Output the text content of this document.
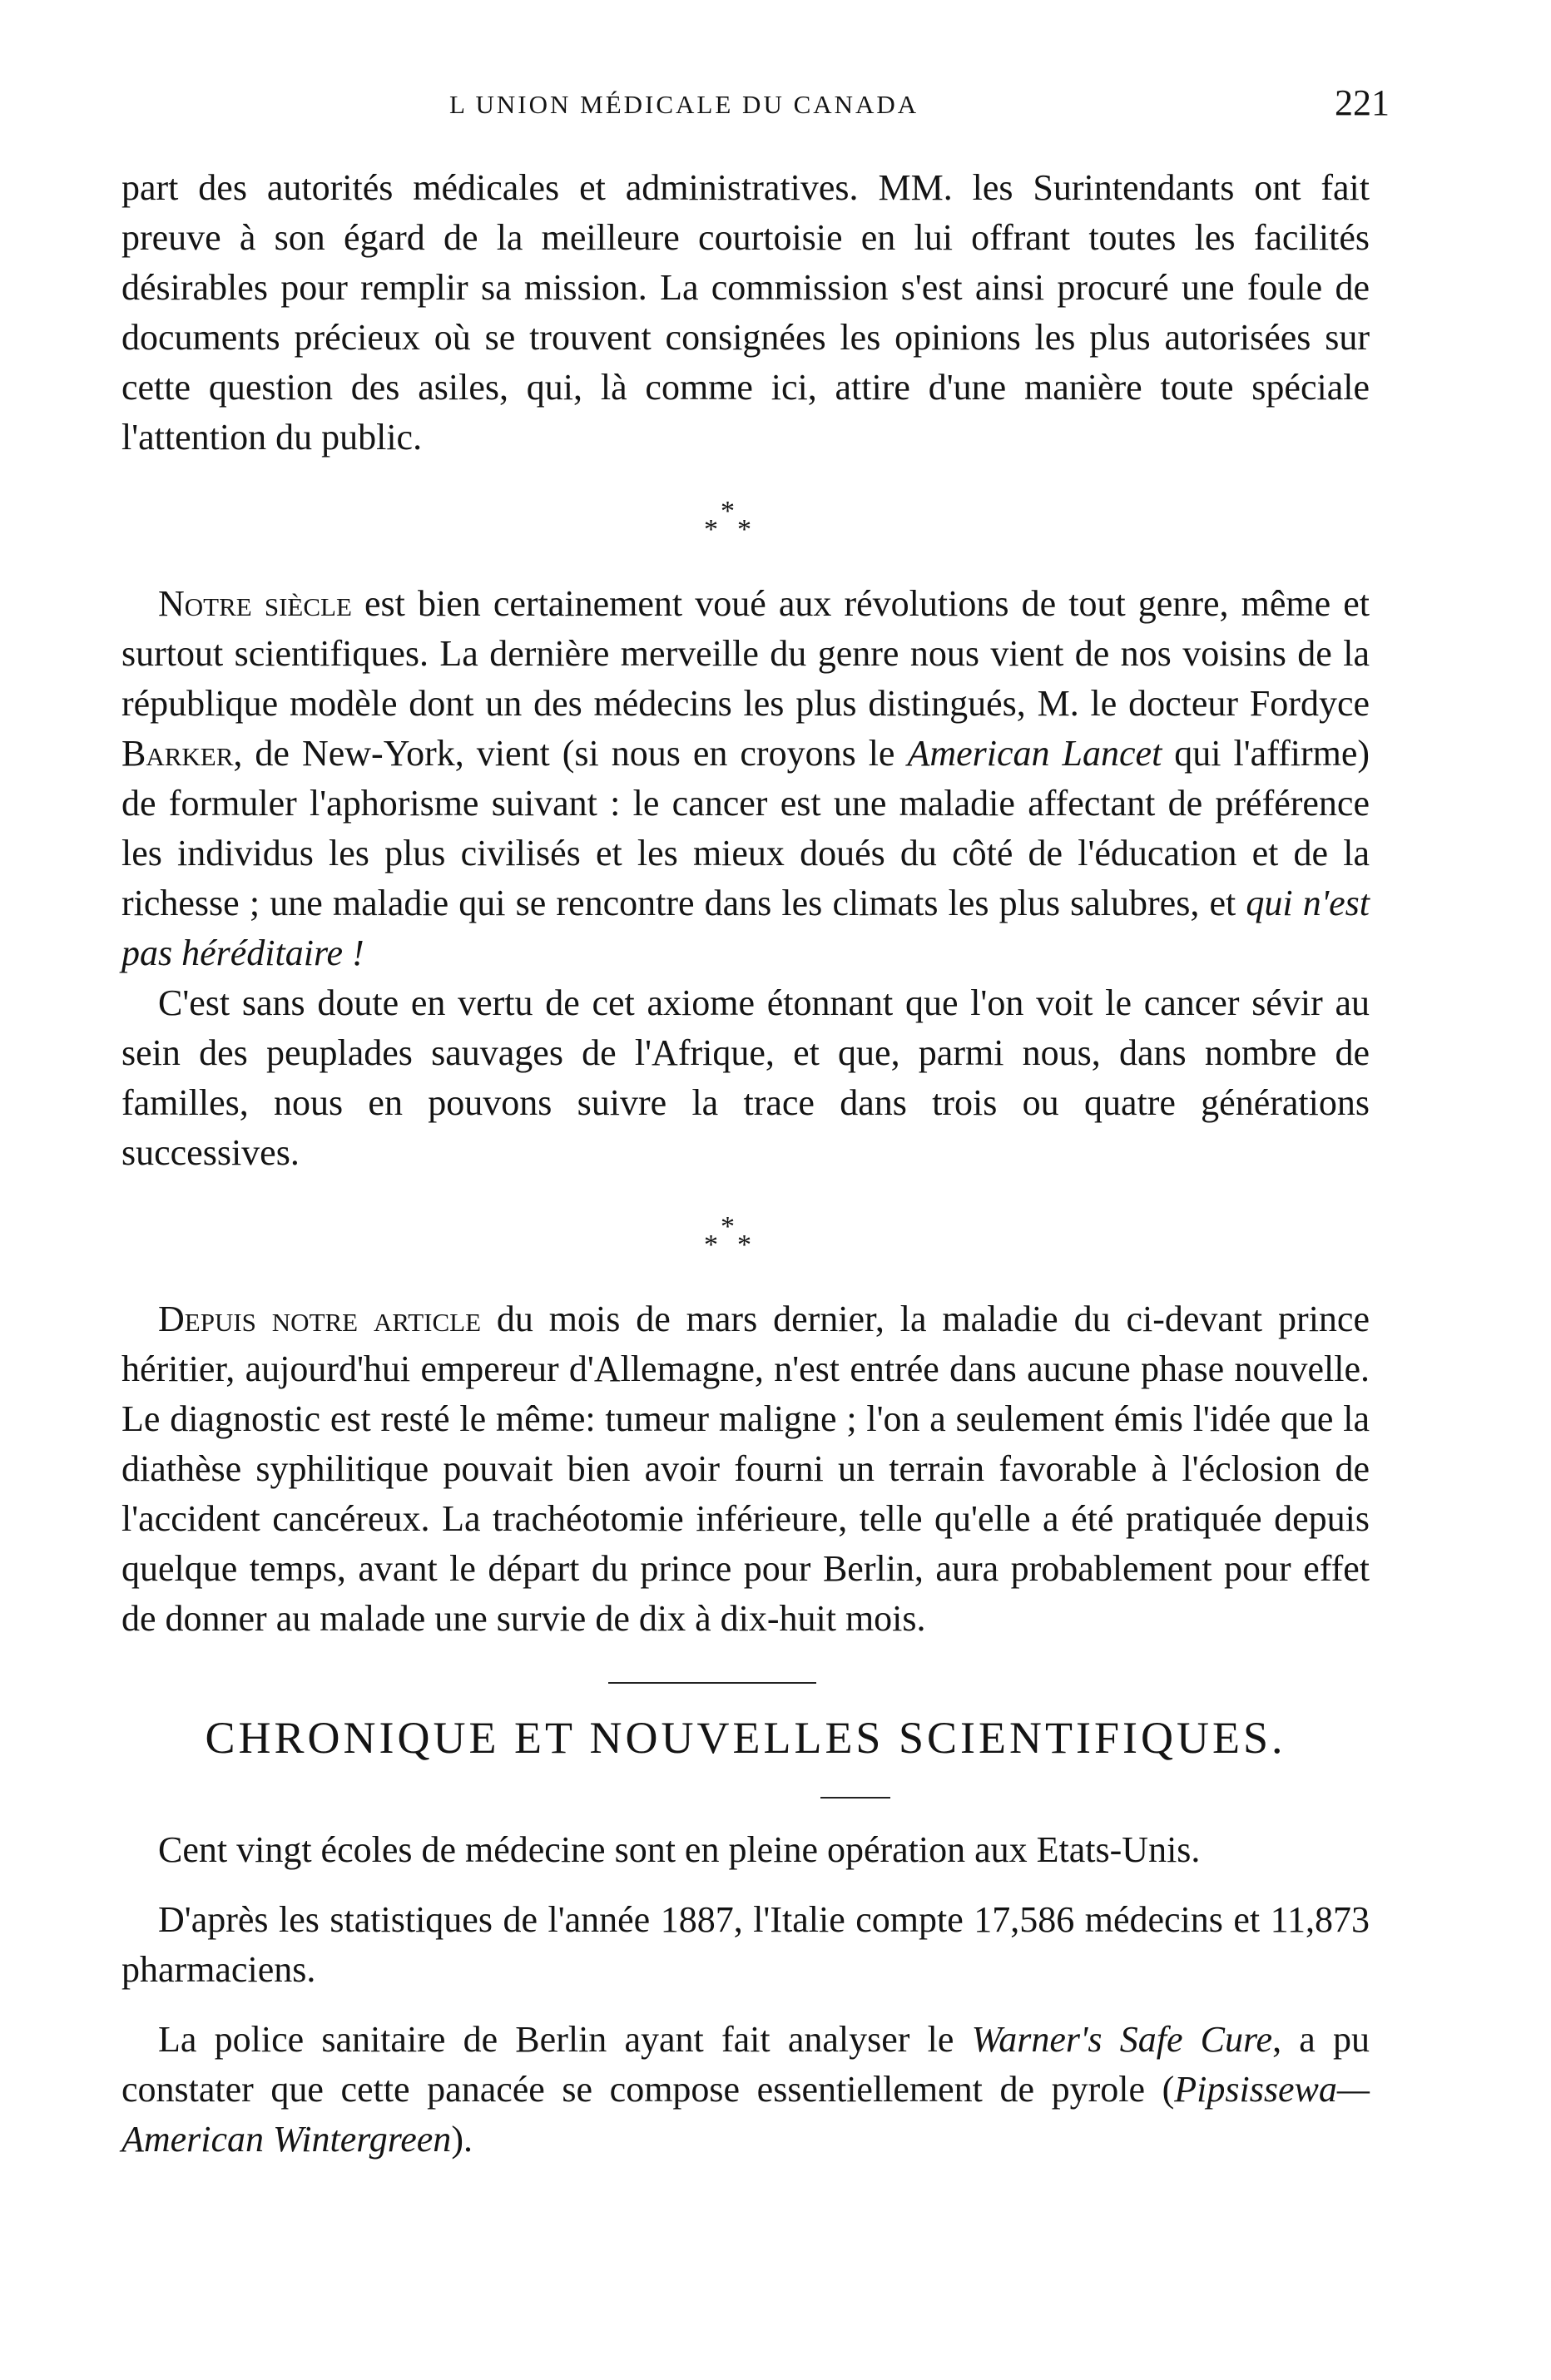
L UNION MÉDICALE DU CANADA	221

part des autorités médicales et administratives. MM. les Surintendants ont fait preuve à son égard de la meilleure courtoisie en lui offrant toutes les facilités désirables pour remplir sa mission. La commission s'est ainsi procuré une foule de documents précieux où se trouvent consignées les opinions les plus autorisées sur cette question des asiles, qui, là comme ici, attire d'une manière toute spéciale l'attention du public.

*
*
*

Notre siècle est bien certainement voué aux révolutions de tout genre, même et surtout scientifiques. La dernière merveille du genre nous vient de nos voisins de la république modèle dont un des médecins les plus distingués, M. le docteur Fordyce Barker, de New-York, vient (si nous en croyons le American Lancet qui l'affirme) de formuler l'aphorisme suivant : le cancer est une maladie affectant de préférence les individus les plus civilisés et les mieux doués du côté de l'éducation et de la richesse ; une maladie qui se rencontre dans les climats les plus salubres, et qui n'est pas héréditaire !

C'est sans doute en vertu de cet axiome étonnant que l'on voit le cancer sévir au sein des peuplades sauvages de l'Afrique, et que, parmi nous, dans nombre de familles, nous en pouvons suivre la trace dans trois ou quatre générations successives.

*
*
*

Depuis notre article du mois de mars dernier, la maladie du ci-devant prince héritier, aujourd'hui empereur d'Allemagne, n'est entrée dans aucune phase nouvelle. Le diagnostic est resté le même: tumeur maligne ; l'on a seulement émis l'idée que la diathèse syphilitique pouvait bien avoir fourni un terrain favorable à l'éclosion de l'accident cancéreux. La trachéotomie inférieure, telle qu'elle a été pratiquée depuis quelque temps, avant le départ du prince pour Berlin, aura probablement pour effet de donner au malade une survie de dix à dix-huit mois.

CHRONIQUE ET NOUVELLES SCIENTIFIQUES.

Cent vingt écoles de médecine sont en pleine opération aux Etats-Unis.

D'après les statistiques de l'année 1887, l'Italie compte 17,586 médecins et 11,873 pharmaciens.

La police sanitaire de Berlin ayant fait analyser le Warner's Safe Cure, a pu constater que cette panacée se compose essentiellement de pyrole (Pipsissewa—American Wintergreen).
